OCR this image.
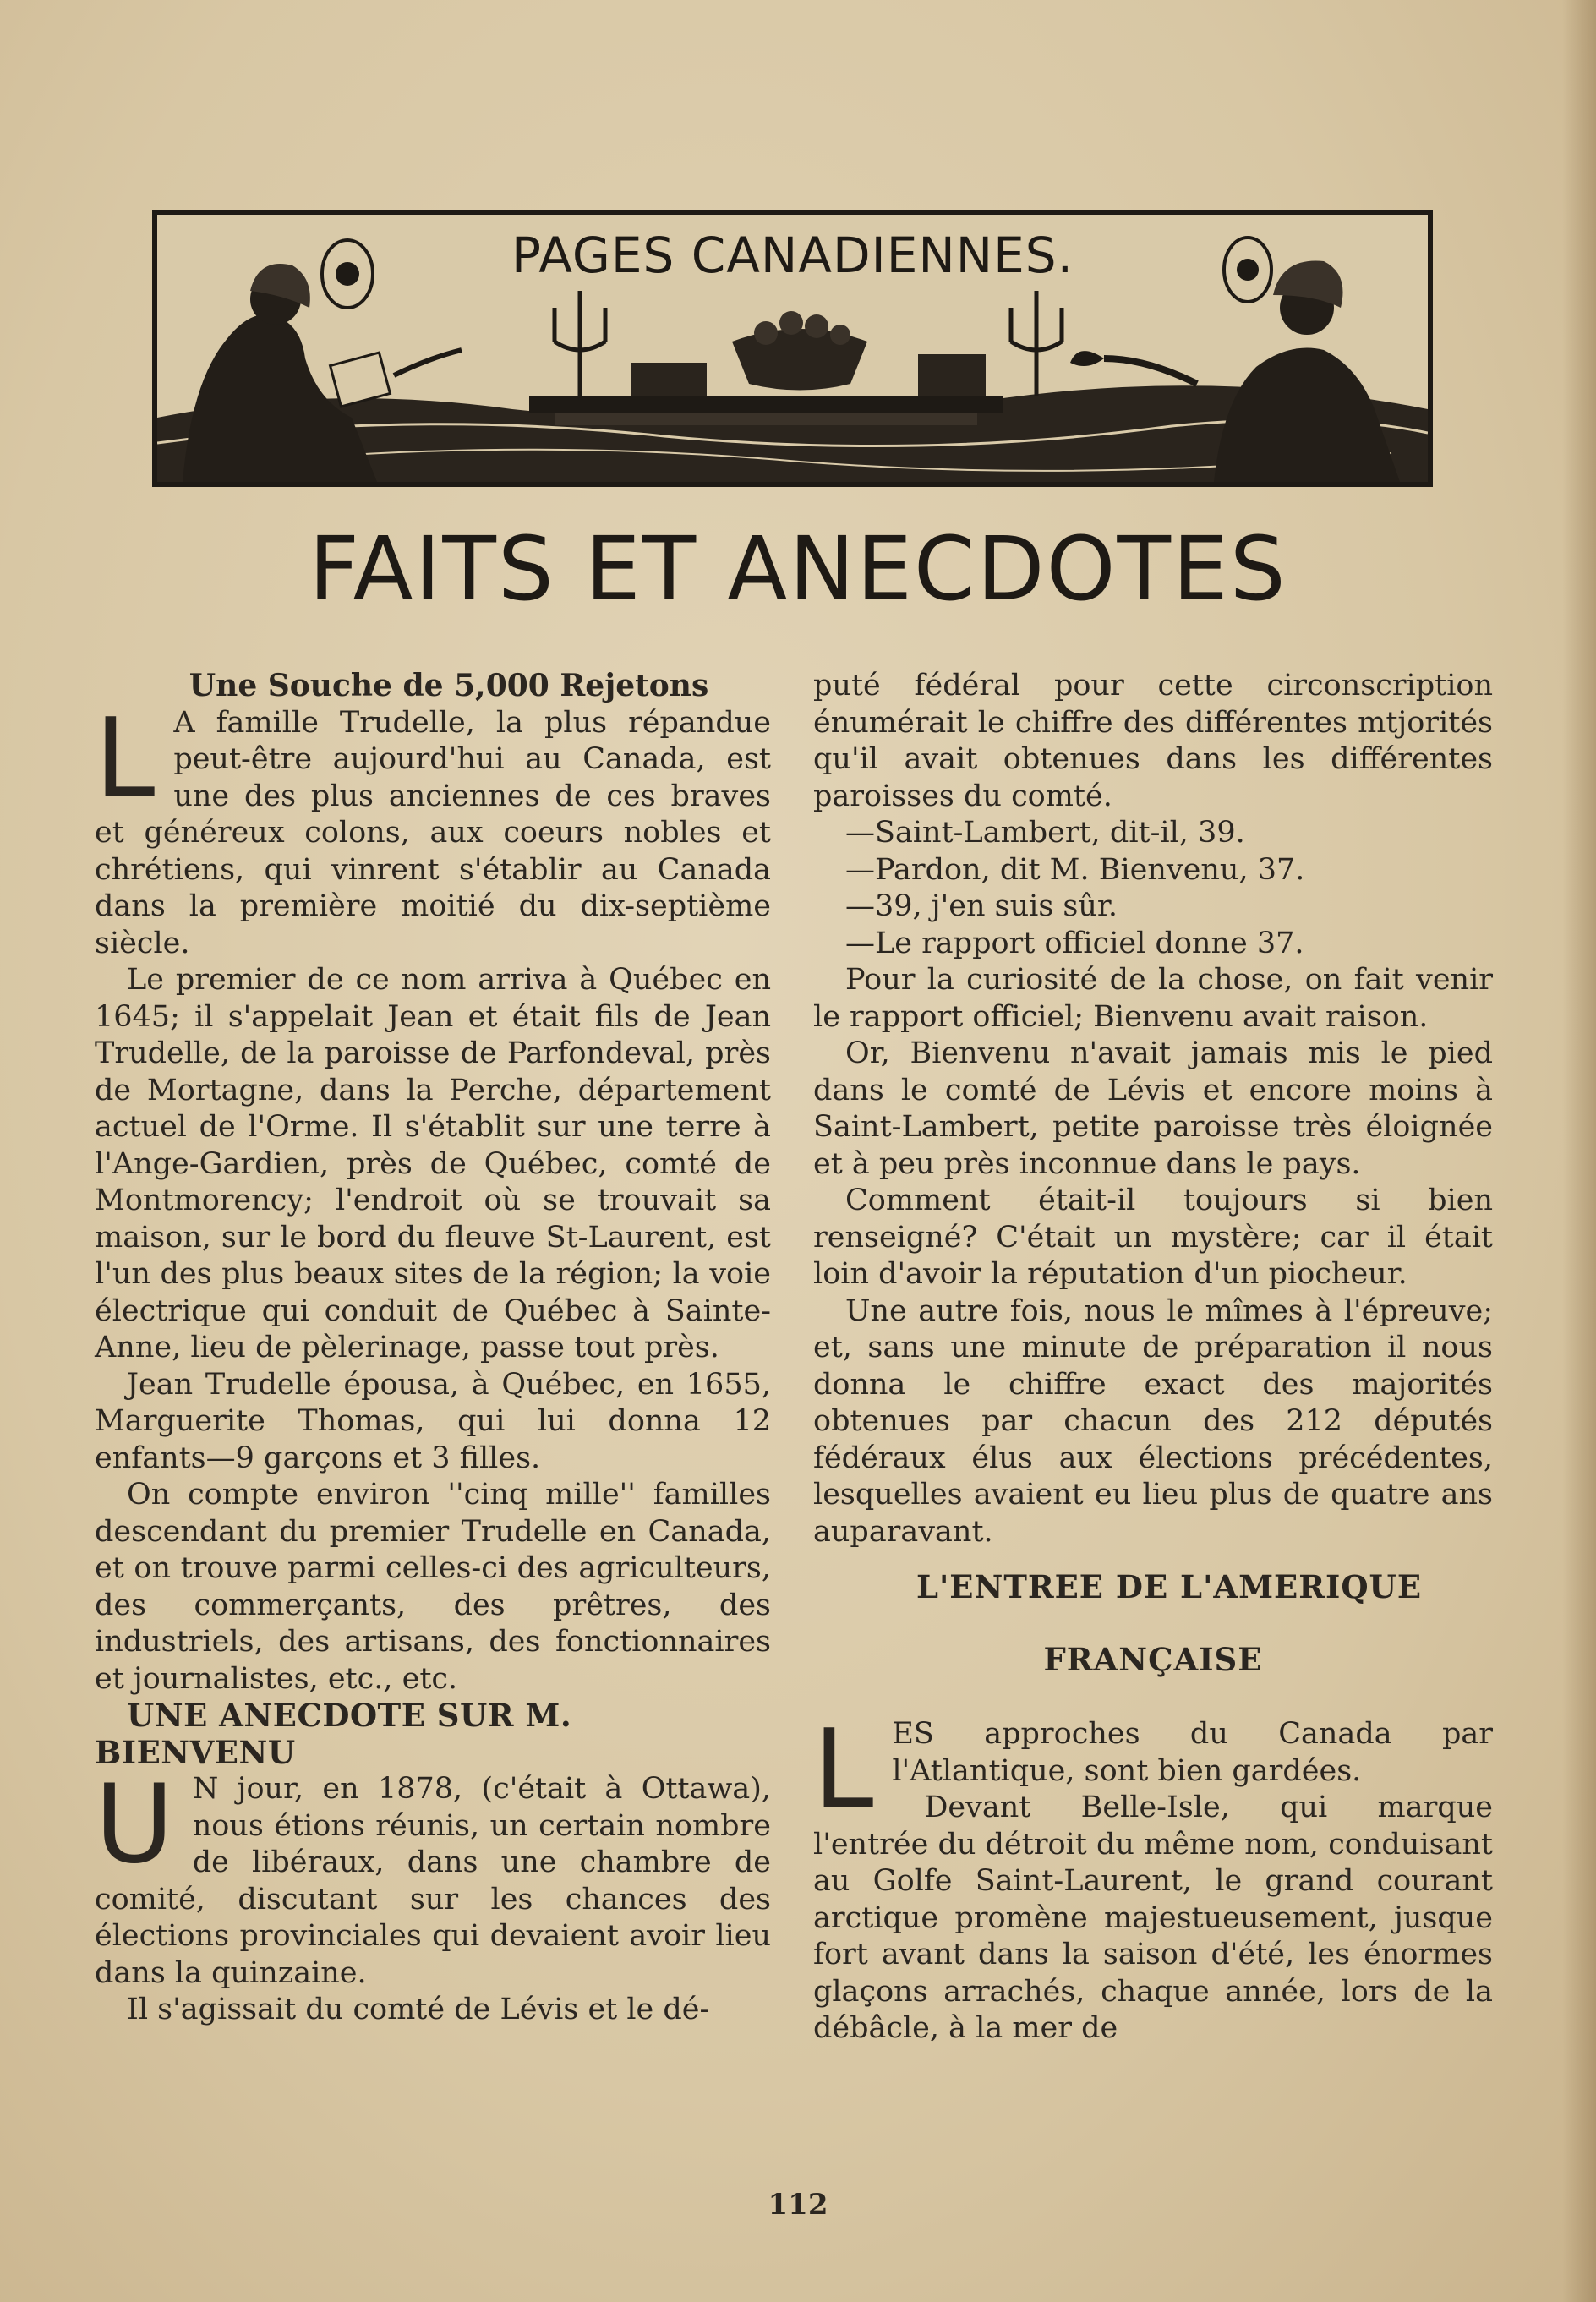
PAGES CANADIENNES.
FAITS ET ANECDOTES

Une Souche de 5,000 Rejetons

L A famille Trudelle, la plus répandue peut-être aujourd'hui au Canada, est une des plus anciennes de ces braves et généreux colons, aux coeurs nobles et chrétiens, qui vinrent s'établir au Canada dans la première moitié du dix-septième siècle.

Le premier de ce nom arriva à Québec en 1645; il s'appelait Jean et était fils de Jean Trudelle, de la paroisse de Parfondeval, près de Mortagne, dans la Perche, département actuel de l'Orme. Il s'établit sur une terre à l'Ange-Gardien, près de Québec, comté de Montmorency; l'endroit où se trouvait sa maison, sur le bord du fleuve St-Laurent, est l'un des plus beaux sites de la région; la voie électrique qui conduit de Québec à Sainte-Anne, lieu de pèlerinage, passe tout près.

Jean Trudelle épousa, à Québec, en 1655, Marguerite Thomas, qui lui donna 12 enfants—9 garçons et 3 filles.

On compte environ ''cinq mille'' familles descendant du premier Trudelle en Canada, et on trouve parmi celles-ci des agriculteurs, des commerçants, des prêtres, des industriels, des artisans, des fonctionnaires et journalistes, etc., etc.

UNE ANECDOTE SUR M. BIENVENU

U N jour, en 1878, (c'était à Ottawa), nous étions réunis, un certain nombre de libéraux, dans une chambre de comité, discutant sur les chances des élections provinciales qui devaient avoir lieu dans la quinzaine.

Il s'agissait du comté de Lévis et le dé-

puté fédéral pour cette circonscription énumérait le chiffre des différentes mtjorités qu'il avait obtenues dans les différentes paroisses du comté.

—Saint-Lambert, dit-il, 39.

—Pardon, dit M. Bienvenu, 37.

—39, j'en suis sûr.

—Le rapport officiel donne 37.

Pour la curiosité de la chose, on fait venir le rapport officiel; Bienvenu avait raison.

Or, Bienvenu n'avait jamais mis le pied dans le comté de Lévis et encore moins à Saint-Lambert, petite paroisse très éloignée et à peu près inconnue dans le pays.

Comment était-il toujours si bien renseigné? C'était un mystère; car il était loin d'avoir la réputation d'un piocheur.

Une autre fois, nous le mîmes à l'épreuve; et, sans une minute de préparation il nous donna le chiffre exact des majorités obtenues par chacun des 212 députés fédéraux élus aux élections précédentes, lesquelles avaient eu lieu plus de quatre ans auparavant.

L'ENTREE DE L'AMERIQUE FRANÇAISE

LES approches du Canada par l'Atlantique, sont bien gardées.

Devant Belle-Isle, qui marque l'entrée du détroit du même nom, conduisant au Golfe Saint-Laurent, le grand courant arctique promène majestueusement, jusque fort avant dans la saison d'été, les énormes glaçons arrachés, chaque année, lors de la débâcle, à la mer de

112
